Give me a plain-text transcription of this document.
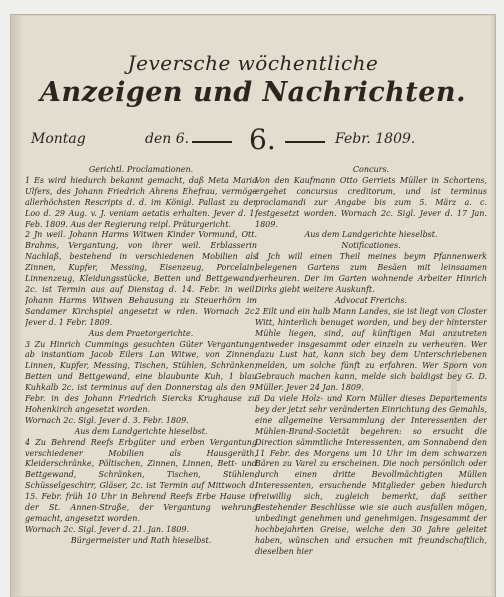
Jeversche wöchentliche
Anzeigen und Nachrichten.
Montag	den 6. 6.	Febr. 1809.

Gerichtl. Proclamationen.

1 Es wird hiedurch bekannt gemacht, daß Meta Maria Ulfers, des Johann Friedrich Ahrens Ehefrau, vermöge allerhöchsten Rescripts d. d. im Königl. Pallast zu der Loo d. 29 Aug. v. J. veniam aetatis erhalten. Jever d. 1. Feb. 1809. Aus der Regierung reipl. Präturgericht.

2 Jn weil. Johann Harms Witwen Kinder Vormund, Ott. Brahms, Vergantung, von ihrer weil. Erblasserin Nachlaß, bestehend in verschiedenen Mobilien als Zinnen, Kupfer, Messing, Eisenzeug, Porcelain, Linnenzeug, Kleidungsstücke, Betten und Bettgewand, 2c. ist Termin aus auf Dienstag d. 14. Febr. in weil. Johann Harms Witwen Behausung zu Steuerhörn im Sandamer Kirchspiel angesetzt w rden. Wornach 2c. Jever d. 1 Febr. 1809.

Aus dem Praetorgerichte.

3 Zu Hinrich Cummings gesuchten Güter Vergantung, ab instantiam Jacob Eilers Lan Witwe, von Zinnen, Linnen, Kupfer, Messing, Tischen, Stühlen, Schränken, Betten und Bettgewand, eine blaubunte Kuh, 1 blau Kuhkalb 2c. ist terminus auf den Donnerstag als den 9. Febr. in des Johann Friedrich Siercks Krughause zu Hohenkirch angesetzt worden.

Wornach 2c. Sigl. Jever d. 3. Febr. 1809.

Aus dem Landgerichte hieselbst.

4 Zu Behrend Reefs Erbgüter und erben Vergantung verschiedener Mobilien als Hausgeräth, Kleiderschränke, Pöltischen, Zinnen, Linnen, Bett- und Bettgewand, Schränken, Tischen, Stühlen, Schüsselgeschirr, Gläser, 2c. ist Termin auf Mittwoch d. 15. Febr. früh 10 Uhr in Behrend Reefs Erbe Hause in der St. Annen-Straße, der Vergantung wehrung gemacht, angesetzt worden.

Wornach 2c. Sigl. Jever d. 21. Jan. 1809.

Bürgermeister und Rath hieselbst.

Concurs.

Von den Kaufmann Otto Gerriets Müller in Schortens, ergehet concursus creditorum, und ist terminus proclamandi zur Angabe bis zum 5. März a. c. festgesetzt worden. Wornach 2c. Sigl. Jever d. 17 Jan. 1809.

Aus dem Landgerichte hieselbst.

Notificationes.

1 Jch will einen Theil meines beym Pfannenwerk belegenen Gartens zum Besäen mit leinsaamen verheuren. Der im Garten wohnende Arbeiter Hinrich Dirks giebt weitere Auskunft.

Advocat Frerichs.

2 Eilt und ein halb Mann Landes, sie ist liegt von Closter Witt, hinterlich benuget worden, und bey der hinterster Mühle liegen, sind, auf künftigen Mai anzutreten entweder insgesammt oder einzeln zu verheuren. Wer dazu Lust hat, kann sich bey dem Unterschriebenen melden, um solche fünft zu erfahren. Wer Sporn von Gebrauch machen kann, melde sich baldigst bey G. D. Müller. Jever 24 Jan. 1809.

3 Da viele Holz- und Korn Müller dieses Departements bey der jetzt sehr veränderten Einrichtung des Gemahls, eine allgemeine Versammlung der Interessenten der Mühlen-Brand-Societät begehren: so ersucht die Direction sämmtliche Interessenten, am Sonnabend den 11 Febr. des Morgens um 10 Uhr im dem schwarzen Bären zu Varel zu erscheinen. Die noch persönlich oder durch einen dritte Bevollmächtigten Müllen Interessenten, ersuchende Mitglieder geben hiedurch freiwillig sich, zugleich bemerkt, daß seither Bestehender Beschlüsse wie sie auch ausfallen mögen, unbedingt genehmen und genehmigen. Insgesammt der hochbejahrten Greise, welche den 30 Jahre geleitet haben, wünschen und ersuchen mit freundschaftlich, dieselben hier
